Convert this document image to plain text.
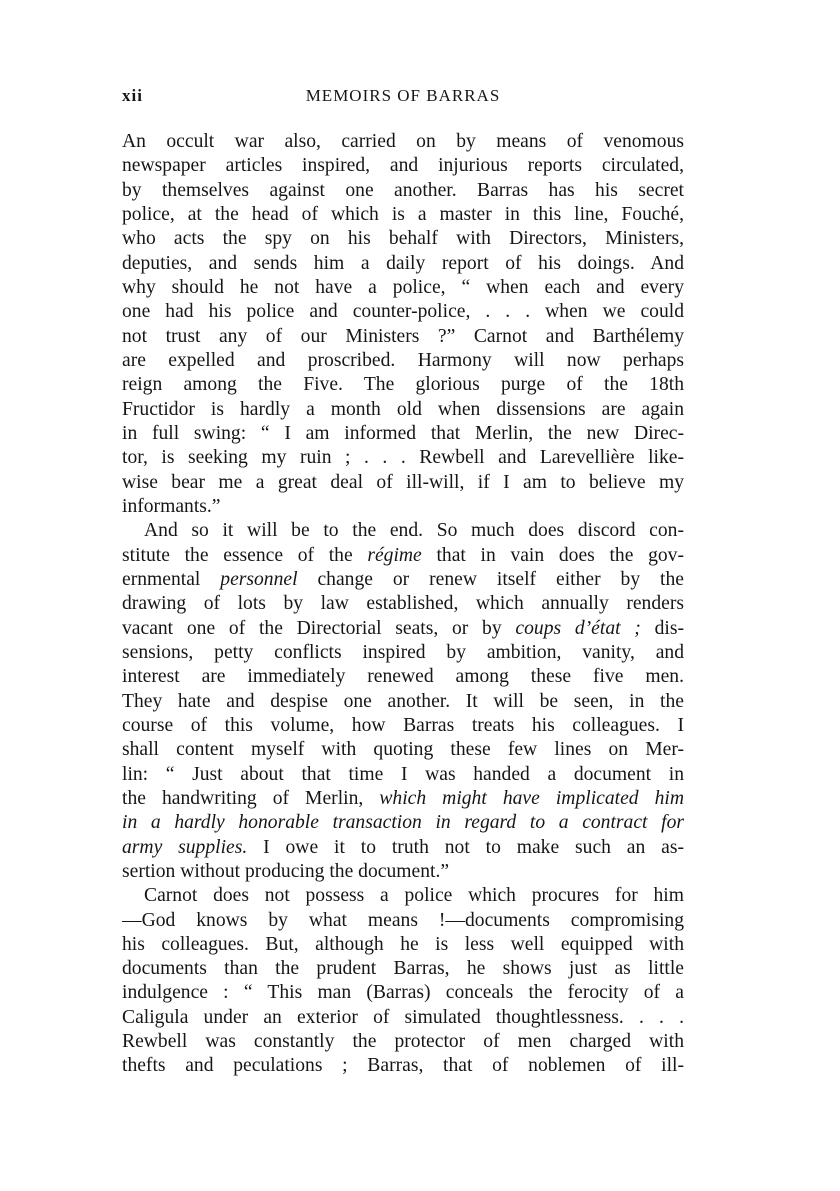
xii	MEMOIRS OF BARRAS
An occult war also, carried on by means of venomous
newspaper articles inspired, and injurious reports circulated,
by themselves against one another. Barras has his secret
police, at the head of which is a master in this line, Fouché,
who acts the spy on his behalf with Directors, Ministers,
deputies, and sends him a daily report of his doings. And
why should he not have a police, “ when each and every
one had his police and counter-police, . . . when we could
not trust any of our Ministers ?” Carnot and Barthélemy
are expelled and proscribed. Harmony will now perhaps
reign among the Five. The glorious purge of the 18th
Fructidor is hardly a month old when dissensions are again
in full swing: “ I am informed that Merlin, the new Direc-
tor, is seeking my ruin ; . . . Rewbell and Larevellière like-
wise bear me a great deal of ill-will, if I am to believe my
informants.”
And so it will be to the end. So much does discord con-
stitute the essence of the régime that in vain does the gov-
ernmental personnel change or renew itself either by the
drawing of lots by law established, which annually renders
vacant one of the Directorial seats, or by coups d’état ; dis-
sensions, petty conflicts inspired by ambition, vanity, and
interest are immediately renewed among these five men.
They hate and despise one another. It will be seen, in the
course of this volume, how Barras treats his colleagues. I
shall content myself with quoting these few lines on Mer-
lin: “ Just about that time I was handed a document in
the handwriting of Merlin, which might have implicated him
in a hardly honorable transaction in regard to a contract for
army supplies. I owe it to truth not to make such an as-
sertion without producing the document.”
Carnot does not possess a police which procures for him
—God knows by what means !—documents compromising
his colleagues. But, although he is less well equipped with
documents than the prudent Barras, he shows just as little
indulgence : “ This man (Barras) conceals the ferocity of a
Caligula under an exterior of simulated thoughtlessness. . . .
Rewbell was constantly the protector of men charged with
thefts and peculations ; Barras, that of noblemen of ill-
